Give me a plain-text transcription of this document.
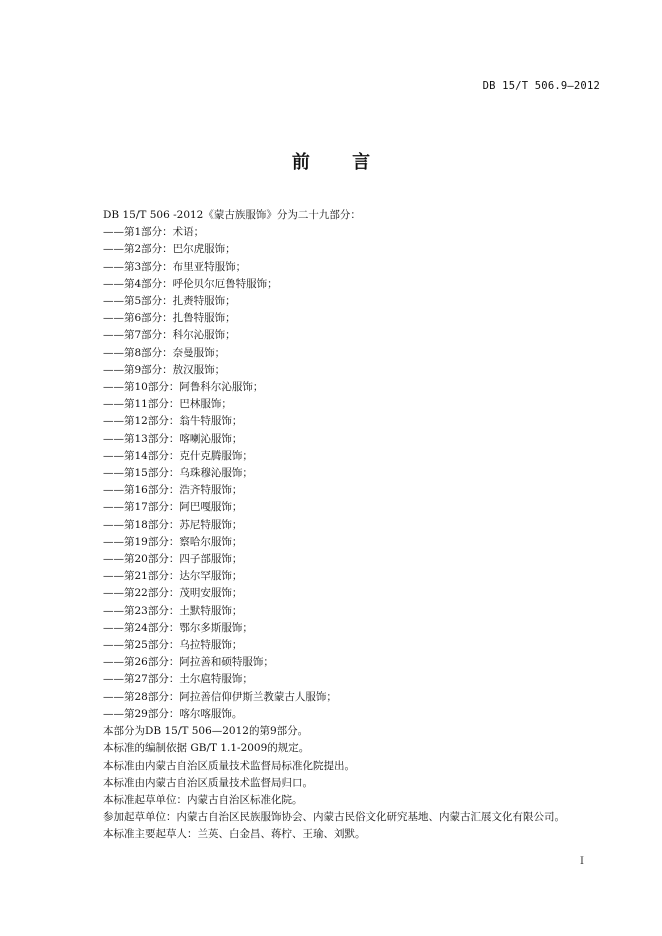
DB 15/T 506.9—2012
前 言

DB 15/T 506 -2012《蒙古族服饰》分为二十九部分：

——第1部分：术语；

——第2部分：巴尔虎服饰；

——第3部分：布里亚特服饰；

——第4部分：呼伦贝尔厄鲁特服饰；

——第5部分：扎赉特服饰；

——第6部分：扎鲁特服饰；

——第7部分：科尔沁服饰；

——第8部分：奈曼服饰；

——第9部分：敖汉服饰；

——第10部分：阿鲁科尔沁服饰；

——第11部分：巴林服饰；

——第12部分：翁牛特服饰；

——第13部分：喀喇沁服饰；

——第14部分：克什克腾服饰；

——第15部分：乌珠穆沁服饰；

——第16部分：浩齐特服饰；

——第17部分：阿巴嘎服饰；

——第18部分：苏尼特服饰；

——第19部分：察哈尔服饰；

——第20部分：四子部服饰；

——第21部分：达尔罕服饰；

——第22部分：茂明安服饰；

——第23部分：土默特服饰；

——第24部分：鄂尔多斯服饰；

——第25部分：乌拉特服饰；

——第26部分：阿拉善和硕特服饰；

——第27部分：土尔扈特服饰；

——第28部分：阿拉善信仰伊斯兰教蒙古人服饰；

——第29部分：喀尔喀服饰。

本部分为DB 15/T 506—2012的第9部分。

本标准的编制依据 GB/T 1.1-2009的规定。

本标准由内蒙古自治区质量技术监督局标准化院提出。

本标准由内蒙古自治区质量技术监督局归口。

本标准起草单位：内蒙古自治区标准化院。

参加起草单位：内蒙古自治区民族服饰协会、内蒙古民俗文化研究基地、内蒙古汇展文化有限公司。

本标准主要起草人：兰英、白金昌、蒋柠、王瑜、刘默。

I
